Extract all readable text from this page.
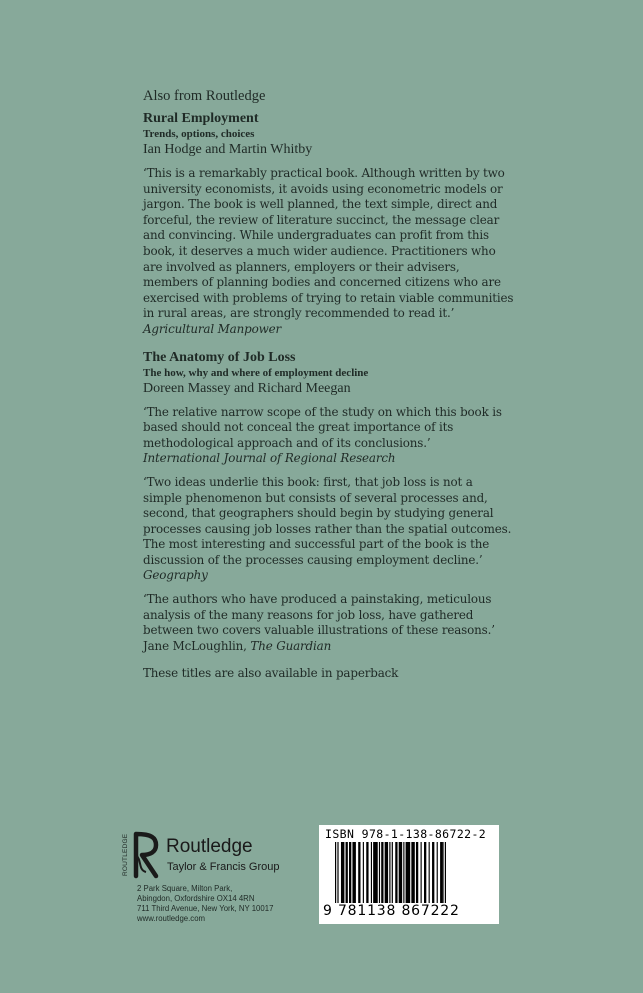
Also from Routledge
Rural Employment
Trends, options, choices
Ian Hodge and Martin Whitby
‘This is a remarkably practical book. Although written by two university economists, it avoids using econometric models or jargon. The book is well planned, the text simple, direct and forceful, the review of literature succinct, the message clear and convincing. While undergraduates can profit from this book, it deserves a much wider audience. Practitioners who are involved as planners, employers or their advisers, members of planning bodies and concerned citizens who are exercised with problems of trying to retain viable communities in rural areas, are strongly recommended to read it.’
Agricultural Manpower
The Anatomy of Job Loss
The how, why and where of employment decline
Doreen Massey and Richard Meegan
‘The relative narrow scope of the study on which this book is based should not conceal the great importance of its methodological approach and of its conclusions.’
International Journal of Regional Research
‘Two ideas underlie this book: first, that job loss is not a simple phenomenon but consists of several processes and, second, that geographers should begin by studying general processes causing job losses rather than the spatial outcomes. The most interesting and successful part of the book is the discussion of the processes causing employment decline.’ Geography
‘The authors who have produced a painstaking, meticulous analysis of the many reasons for job loss, have gathered between two covers valuable illustrations of these reasons.’
Jane McLoughlin, The Guardian
These titles are also available in paperback
ROUTLEDGE Routledge
Taylor & Francis Group
2 Park Square, Milton Park,
Abingdon, Oxfordshire OX14 4RN
711 Third Avenue, New York, NY 10017
www.routledge.com
ISBN 978-1-138-86722-2
9 781138 867222
